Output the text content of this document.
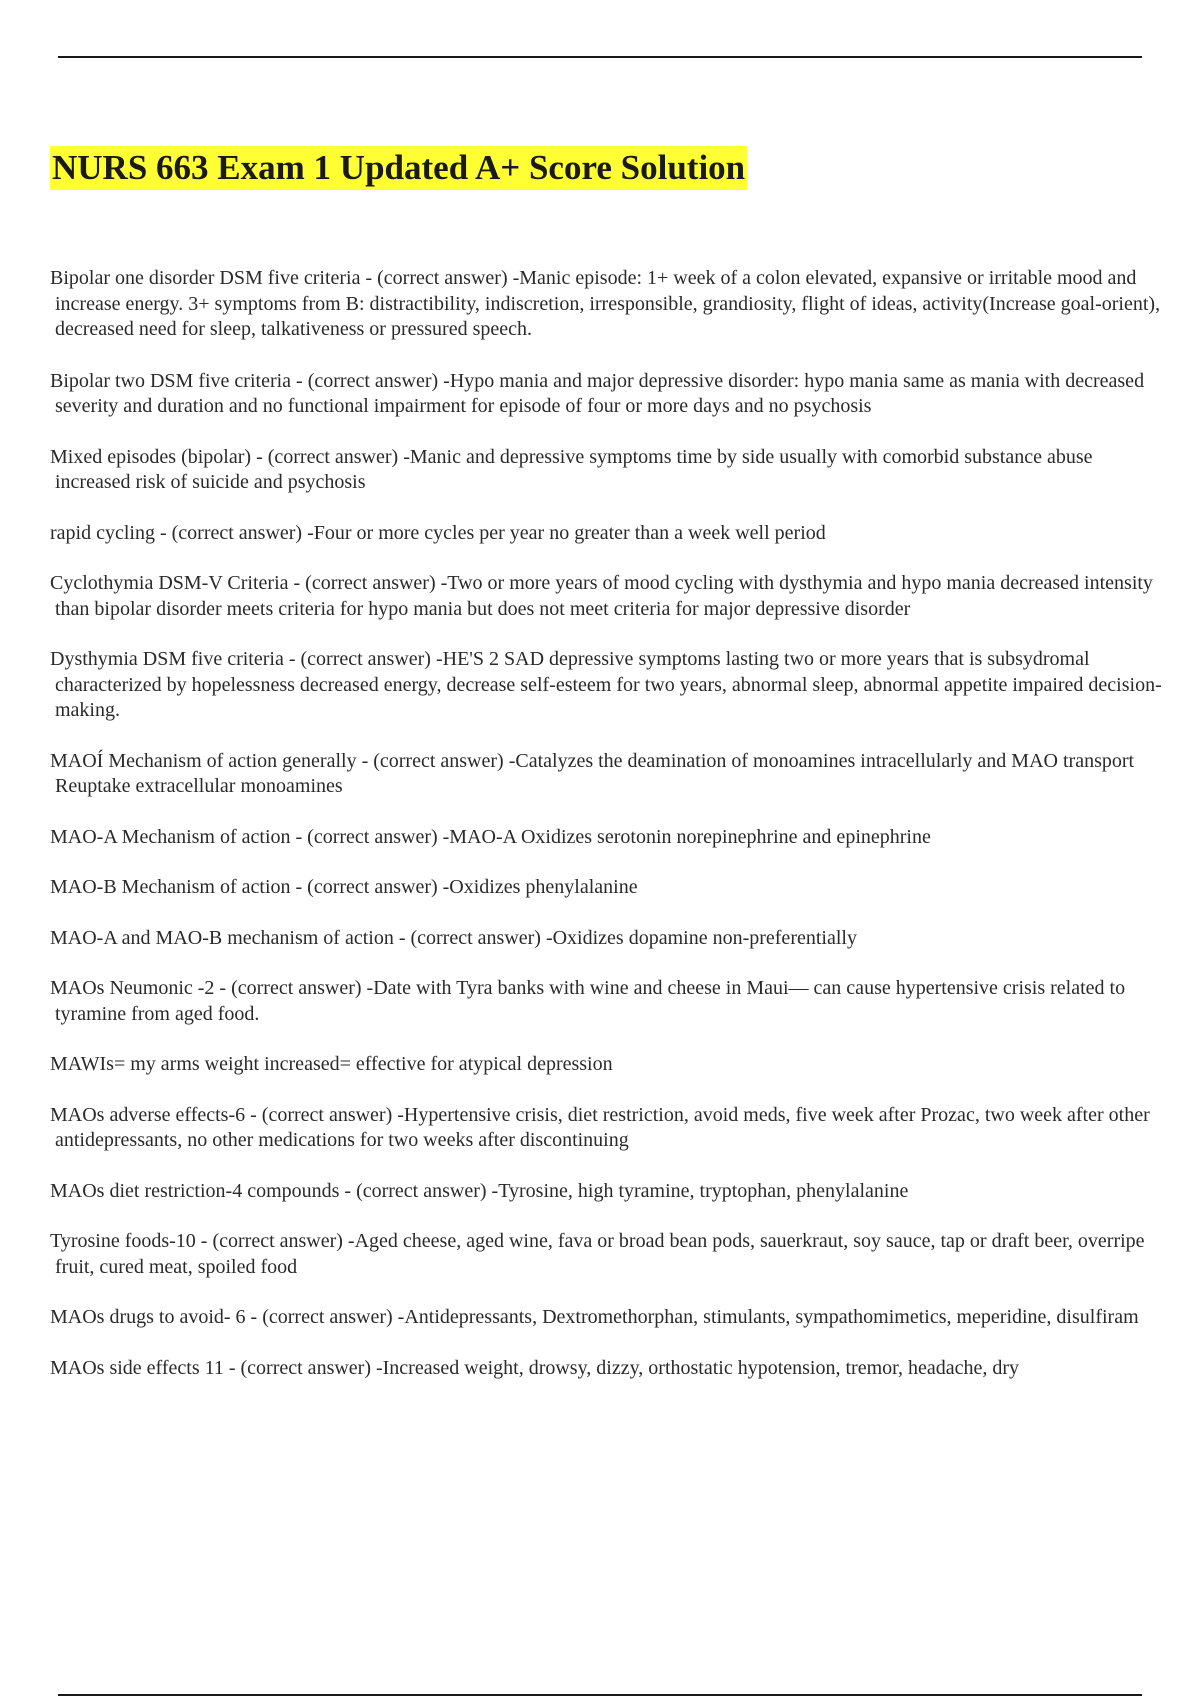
NURS 663 Exam 1 Updated A+ Score Solution

Bipolar one disorder DSM five criteria - (correct answer) -Manic episode: 1+ week of a colon elevated, expansive or irritable mood and increase energy. 3+ symptoms from B: distractibility, indiscretion, irresponsible, grandiosity, flight of ideas, activity(Increase goal-orient), decreased need for sleep, talkativeness or pressured speech.

Bipolar two DSM five criteria - (correct answer) -Hypo mania and major depressive disorder: hypo mania same as mania with decreased severity and duration and no functional impairment for episode of four or more days and no psychosis

Mixed episodes (bipolar) - (correct answer) -Manic and depressive symptoms time by side usually with comorbid substance abuse increased risk of suicide and psychosis

rapid cycling - (correct answer) -Four or more cycles per year no greater than a week well period

Cyclothymia DSM-V Criteria - (correct answer) -Two or more years of mood cycling with dysthymia and hypo mania decreased intensity than bipolar disorder meets criteria for hypo mania but does not meet criteria for major depressive disorder

Dysthymia DSM five criteria - (correct answer) -HE'S 2 SAD depressive symptoms lasting two or more years that is subsydromal characterized by hopelessness decreased energy, decrease self-esteem for two years, abnormal sleep, abnormal appetite impaired decision-making.

MAOÍ Mechanism of action generally - (correct answer) -Catalyzes the deamination of monoamines intracellularly and MAO transport Reuptake extracellular monoamines

MAO-A Mechanism of action - (correct answer) -MAO-A Oxidizes serotonin norepinephrine and epinephrine

MAO-B Mechanism of action - (correct answer) -Oxidizes phenylalanine

MAO-A and MAO-B mechanism of action - (correct answer) -Oxidizes dopamine non-preferentially

MAOs Neumonic -2 - (correct answer) -Date with Tyra banks with wine and cheese in Maui— can cause hypertensive crisis related to tyramine from aged food.

MAWIs= my arms weight increased= effective for atypical depression

MAOs adverse effects-6 - (correct answer) -Hypertensive crisis, diet restriction, avoid meds, five week after Prozac, two week after other antidepressants, no other medications for two weeks after discontinuing

MAOs diet restriction-4 compounds - (correct answer) -Tyrosine, high tyramine, tryptophan, phenylalanine

Tyrosine foods-10 - (correct answer) -Aged cheese, aged wine, fava or broad bean pods, sauerkraut, soy sauce, tap or draft beer, overripe fruit, cured meat, spoiled food

MAOs drugs to avoid- 6 - (correct answer) -Antidepressants, Dextromethorphan, stimulants, sympathomimetics, meperidine, disulfiram

MAOs side effects 11 - (correct answer) -Increased weight, drowsy, dizzy, orthostatic hypotension, tremor, headache, dry
